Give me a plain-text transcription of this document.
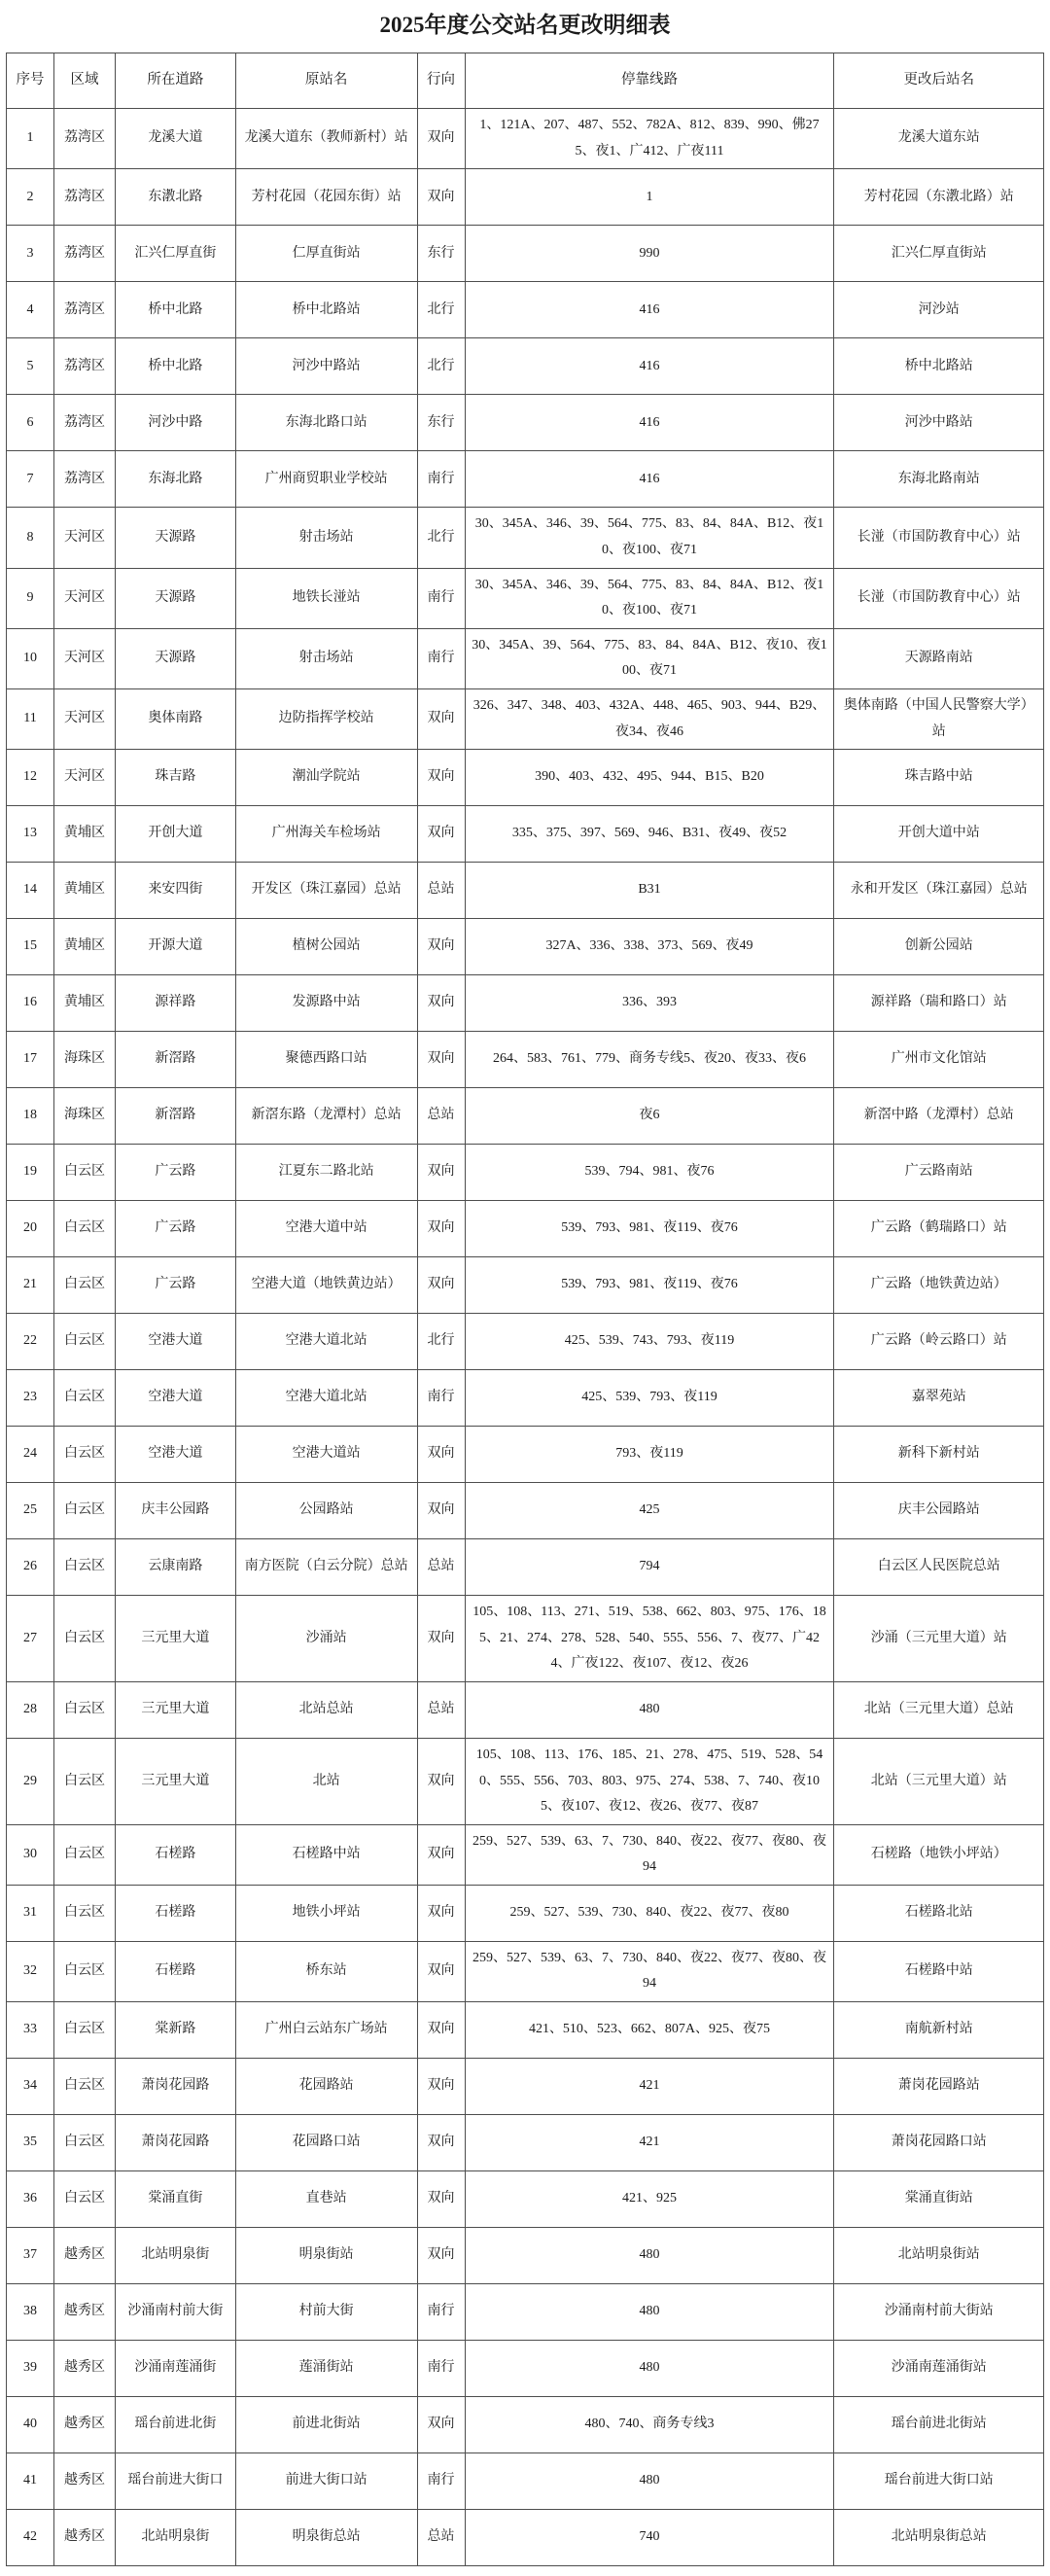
2025年度公交站名更改明细表
序号	区域	所在道路	原站名	行向	停靠线路	更改后站名
1	荔湾区	龙溪大道	龙溪大道东（教师新村）站	双向	1、121A、207、487、552、782A、812、839、990、佛275、夜1、广412、广夜111	龙溪大道东站
2	荔湾区	东漖北路	芳村花园（花园东街）站	双向	1	芳村花园（东漖北路）站
3	荔湾区	汇兴仁厚直街	仁厚直街站	东行	990	汇兴仁厚直街站
4	荔湾区	桥中北路	桥中北路站	北行	416	河沙站
5	荔湾区	桥中北路	河沙中路站	北行	416	桥中北路站
6	荔湾区	河沙中路	东海北路口站	东行	416	河沙中路站
7	荔湾区	东海北路	广州商贸职业学校站	南行	416	东海北路南站
8	天河区	天源路	射击场站	北行	30、345A、346、39、564、775、83、84、84A、B12、夜10、夜100、夜71	长湴（市国防教育中心）站
9	天河区	天源路	地铁长湴站	南行	30、345A、346、39、564、775、83、84、84A、B12、夜10、夜100、夜71	长湴（市国防教育中心）站
10	天河区	天源路	射击场站	南行	30、345A、39、564、775、83、84、84A、B12、夜10、夜100、夜71	天源路南站
11	天河区	奥体南路	边防指挥学校站	双向	326、347、348、403、432A、448、465、903、944、B29、夜34、夜46	奥体南路（中国人民警察大学）站
12	天河区	珠吉路	潮汕学院站	双向	390、403、432、495、944、B15、B20	珠吉路中站
13	黄埔区	开创大道	广州海关车检场站	双向	335、375、397、569、946、B31、夜49、夜52	开创大道中站
14	黄埔区	来安四街	开发区（珠江嘉园）总站	总站	B31	永和开发区（珠江嘉园）总站
15	黄埔区	开源大道	植树公园站	双向	327A、336、338、373、569、夜49	创新公园站
16	黄埔区	源祥路	发源路中站	双向	336、393	源祥路（瑞和路口）站
17	海珠区	新滘路	聚德西路口站	双向	264、583、761、779、商务专线5、夜20、夜33、夜6	广州市文化馆站
18	海珠区	新滘路	新滘东路（龙潭村）总站	总站	夜6	新滘中路（龙潭村）总站
19	白云区	广云路	江夏东二路北站	双向	539、794、981、夜76	广云路南站
20	白云区	广云路	空港大道中站	双向	539、793、981、夜119、夜76	广云路（鹤瑞路口）站
21	白云区	广云路	空港大道（地铁黄边站）	双向	539、793、981、夜119、夜76	广云路（地铁黄边站）
22	白云区	空港大道	空港大道北站	北行	425、539、743、793、夜119	广云路（岭云路口）站
23	白云区	空港大道	空港大道北站	南行	425、539、793、夜119	嘉翠苑站
24	白云区	空港大道	空港大道站	双向	793、夜119	新科下新村站
25	白云区	庆丰公园路	公园路站	双向	425	庆丰公园路站
26	白云区	云康南路	南方医院（白云分院）总站	总站	794	白云区人民医院总站
27	白云区	三元里大道	沙涌站	双向	105、108、113、271、519、538、662、803、975、176、185、21、274、278、528、540、555、556、7、夜77、广424、广夜122、夜107、夜12、夜26	沙涌（三元里大道）站
28	白云区	三元里大道	北站总站	总站	480	北站（三元里大道）总站
29	白云区	三元里大道	北站	双向	105、108、113、176、185、21、278、475、519、528、540、555、556、703、803、975、274、538、7、740、夜105、夜107、夜12、夜26、夜77、夜87	北站（三元里大道）站
30	白云区	石槎路	石槎路中站	双向	259、527、539、63、7、730、840、夜22、夜77、夜80、夜94	石槎路（地铁小坪站）
31	白云区	石槎路	地铁小坪站	双向	259、527、539、730、840、夜22、夜77、夜80	石槎路北站
32	白云区	石槎路	桥东站	双向	259、527、539、63、7、730、840、夜22、夜77、夜80、夜94	石槎路中站
33	白云区	棠新路	广州白云站东广场站	双向	421、510、523、662、807A、925、夜75	南航新村站
34	白云区	萧岗花园路	花园路站	双向	421	萧岗花园路站
35	白云区	萧岗花园路	花园路口站	双向	421	萧岗花园路口站
36	白云区	棠涌直街	直巷站	双向	421、925	棠涌直街站
37	越秀区	北站明泉街	明泉街站	双向	480	北站明泉街站
38	越秀区	沙涌南村前大街	村前大街	南行	480	沙涌南村前大街站
39	越秀区	沙涌南莲涌街	莲涌街站	南行	480	沙涌南莲涌街站
40	越秀区	瑶台前进北街	前进北街站	双向	480、740、商务专线3	瑶台前进北街站
41	越秀区	瑶台前进大街口	前进大街口站	南行	480	瑶台前进大街口站
42	越秀区	北站明泉街	明泉街总站	总站	740	北站明泉街总站
